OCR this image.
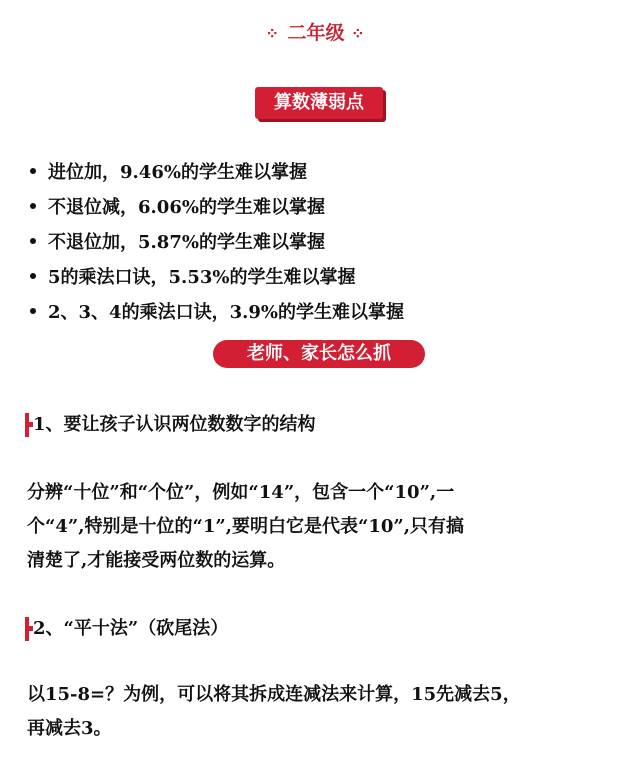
⁘ 二年级 ⁘
算数薄弱点
进位加，9.46%的学生难以掌握
不退位减，6.06%的学生难以掌握
不退位加，5.87%的学生难以掌握
5的乘法口诀，5.53%的学生难以掌握
2、3、4的乘法口诀，3.9%的学生难以掌握
老师、家长怎么抓
1、要让孩子认识两位数数字的结构
分辨“十位”和“个位”，例如“14”，包含一个“10”,一
个“4”,特别是十位的“1”,要明白它是代表“10”,只有搞
清楚了,才能接受两位数的运算。
2、“平十法”（砍尾法）
以15-8=？为例，可以将其拆成连减法来计算，15先减去5，
再减去3。
